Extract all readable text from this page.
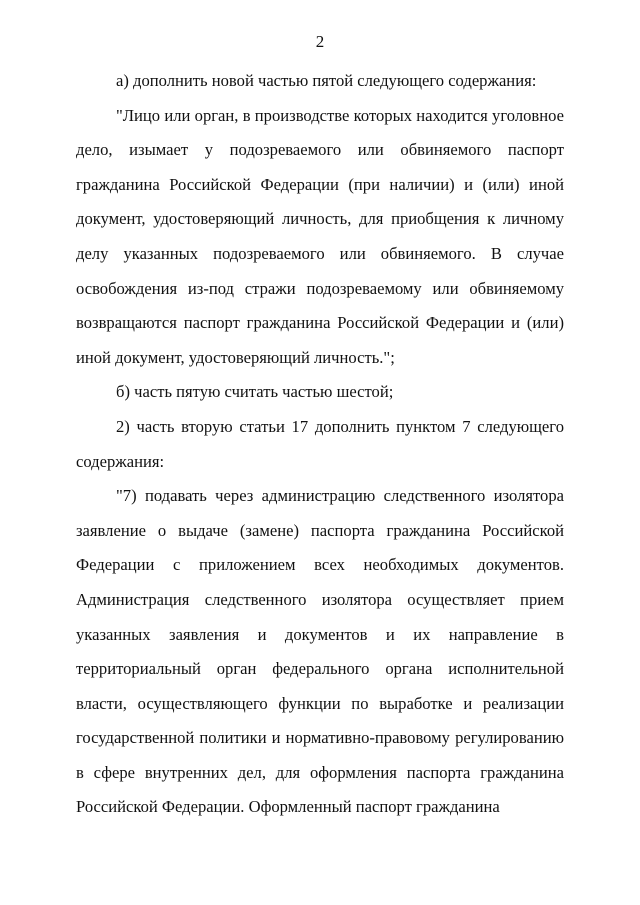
2

а) дополнить новой частью пятой следующего содержания:

"Лицо или орган, в производстве которых находится уголовное дело, изымает у подозреваемого или обвиняемого паспорт гражданина Российской Федерации (при наличии) и (или) иной документ, удостоверяющий личность, для приобщения к личному делу указанных подозреваемого или обвиняемого. В случае освобождения из-под стражи подозреваемому или обвиняемому возвращаются паспорт гражданина Российской Федерации и (или) иной документ, удостоверяющий личность.";

б) часть пятую считать частью шестой;

2) часть вторую статьи 17 дополнить пунктом 7 следующего содержания:

"7) подавать через администрацию следственного изолятора заявление о выдаче (замене) паспорта гражданина Российской Федерации с приложением всех необходимых документов. Администрация следственного изолятора осуществляет прием указанных заявления и документов и их направление в территориальный орган федерального органа исполнительной власти, осуществляющего функции по выработке и реализации государственной политики и нормативно-правовому регулированию в сфере внутренних дел, для оформления паспорта гражданина Российской Федерации. Оформленный паспорт гражданина
